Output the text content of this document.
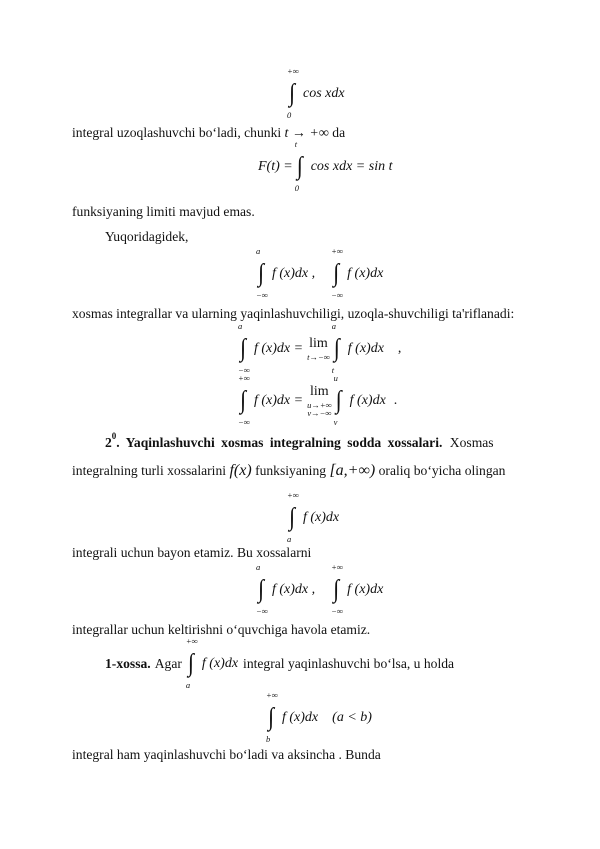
+∞
∫
0
cos xdx
integral uzoqlashuvchi bo‘ladi, chunki t → +∞ da
F(t) =
t
∫
0
cos xdx = sin t
funksiyaning limiti mavjud emas.
Yuqoridagidek,
a
∫
−∞
f (x)dx ,
+∞
∫
−∞
f (x)dx
xosmas integrallar va ularning yaqinlashuvchiligi, uzoqla-shuvchiligi ta'riflanadi:
a
∫
−∞
f (x)dx = lim
t→−∞
a
∫
t
f (x)dx ,
+∞
∫
−∞
f (x)dx =
lim
u→+∞
v→−∞
u
∫
v
f (x)dx .
$2^0$. Yaqinlashuvchi xosmas integralning sodda xossalari. Xosmas
integralning turli xossalarini f(x) funksiyaning [a,+∞) oraliq bo‘yicha olingan
+∞
∫
a
f (x)dx
integrali uchun bayon etamiz. Bu xossalarni
a
∫
−∞
f (x)dx ,
+∞
∫
−∞
f (x)dx
integrallar uchun keltirishni o‘quvchiga havola etamiz.
1-xossa. Agar
+∞
∫
a
f (x)dx integral yaqinlashuvchi bo‘lsa, u holda
+∞
∫
b
f (x)dx (a < b)
integral ham yaqinlashuvchi bo‘ladi va aksincha . Bunda
